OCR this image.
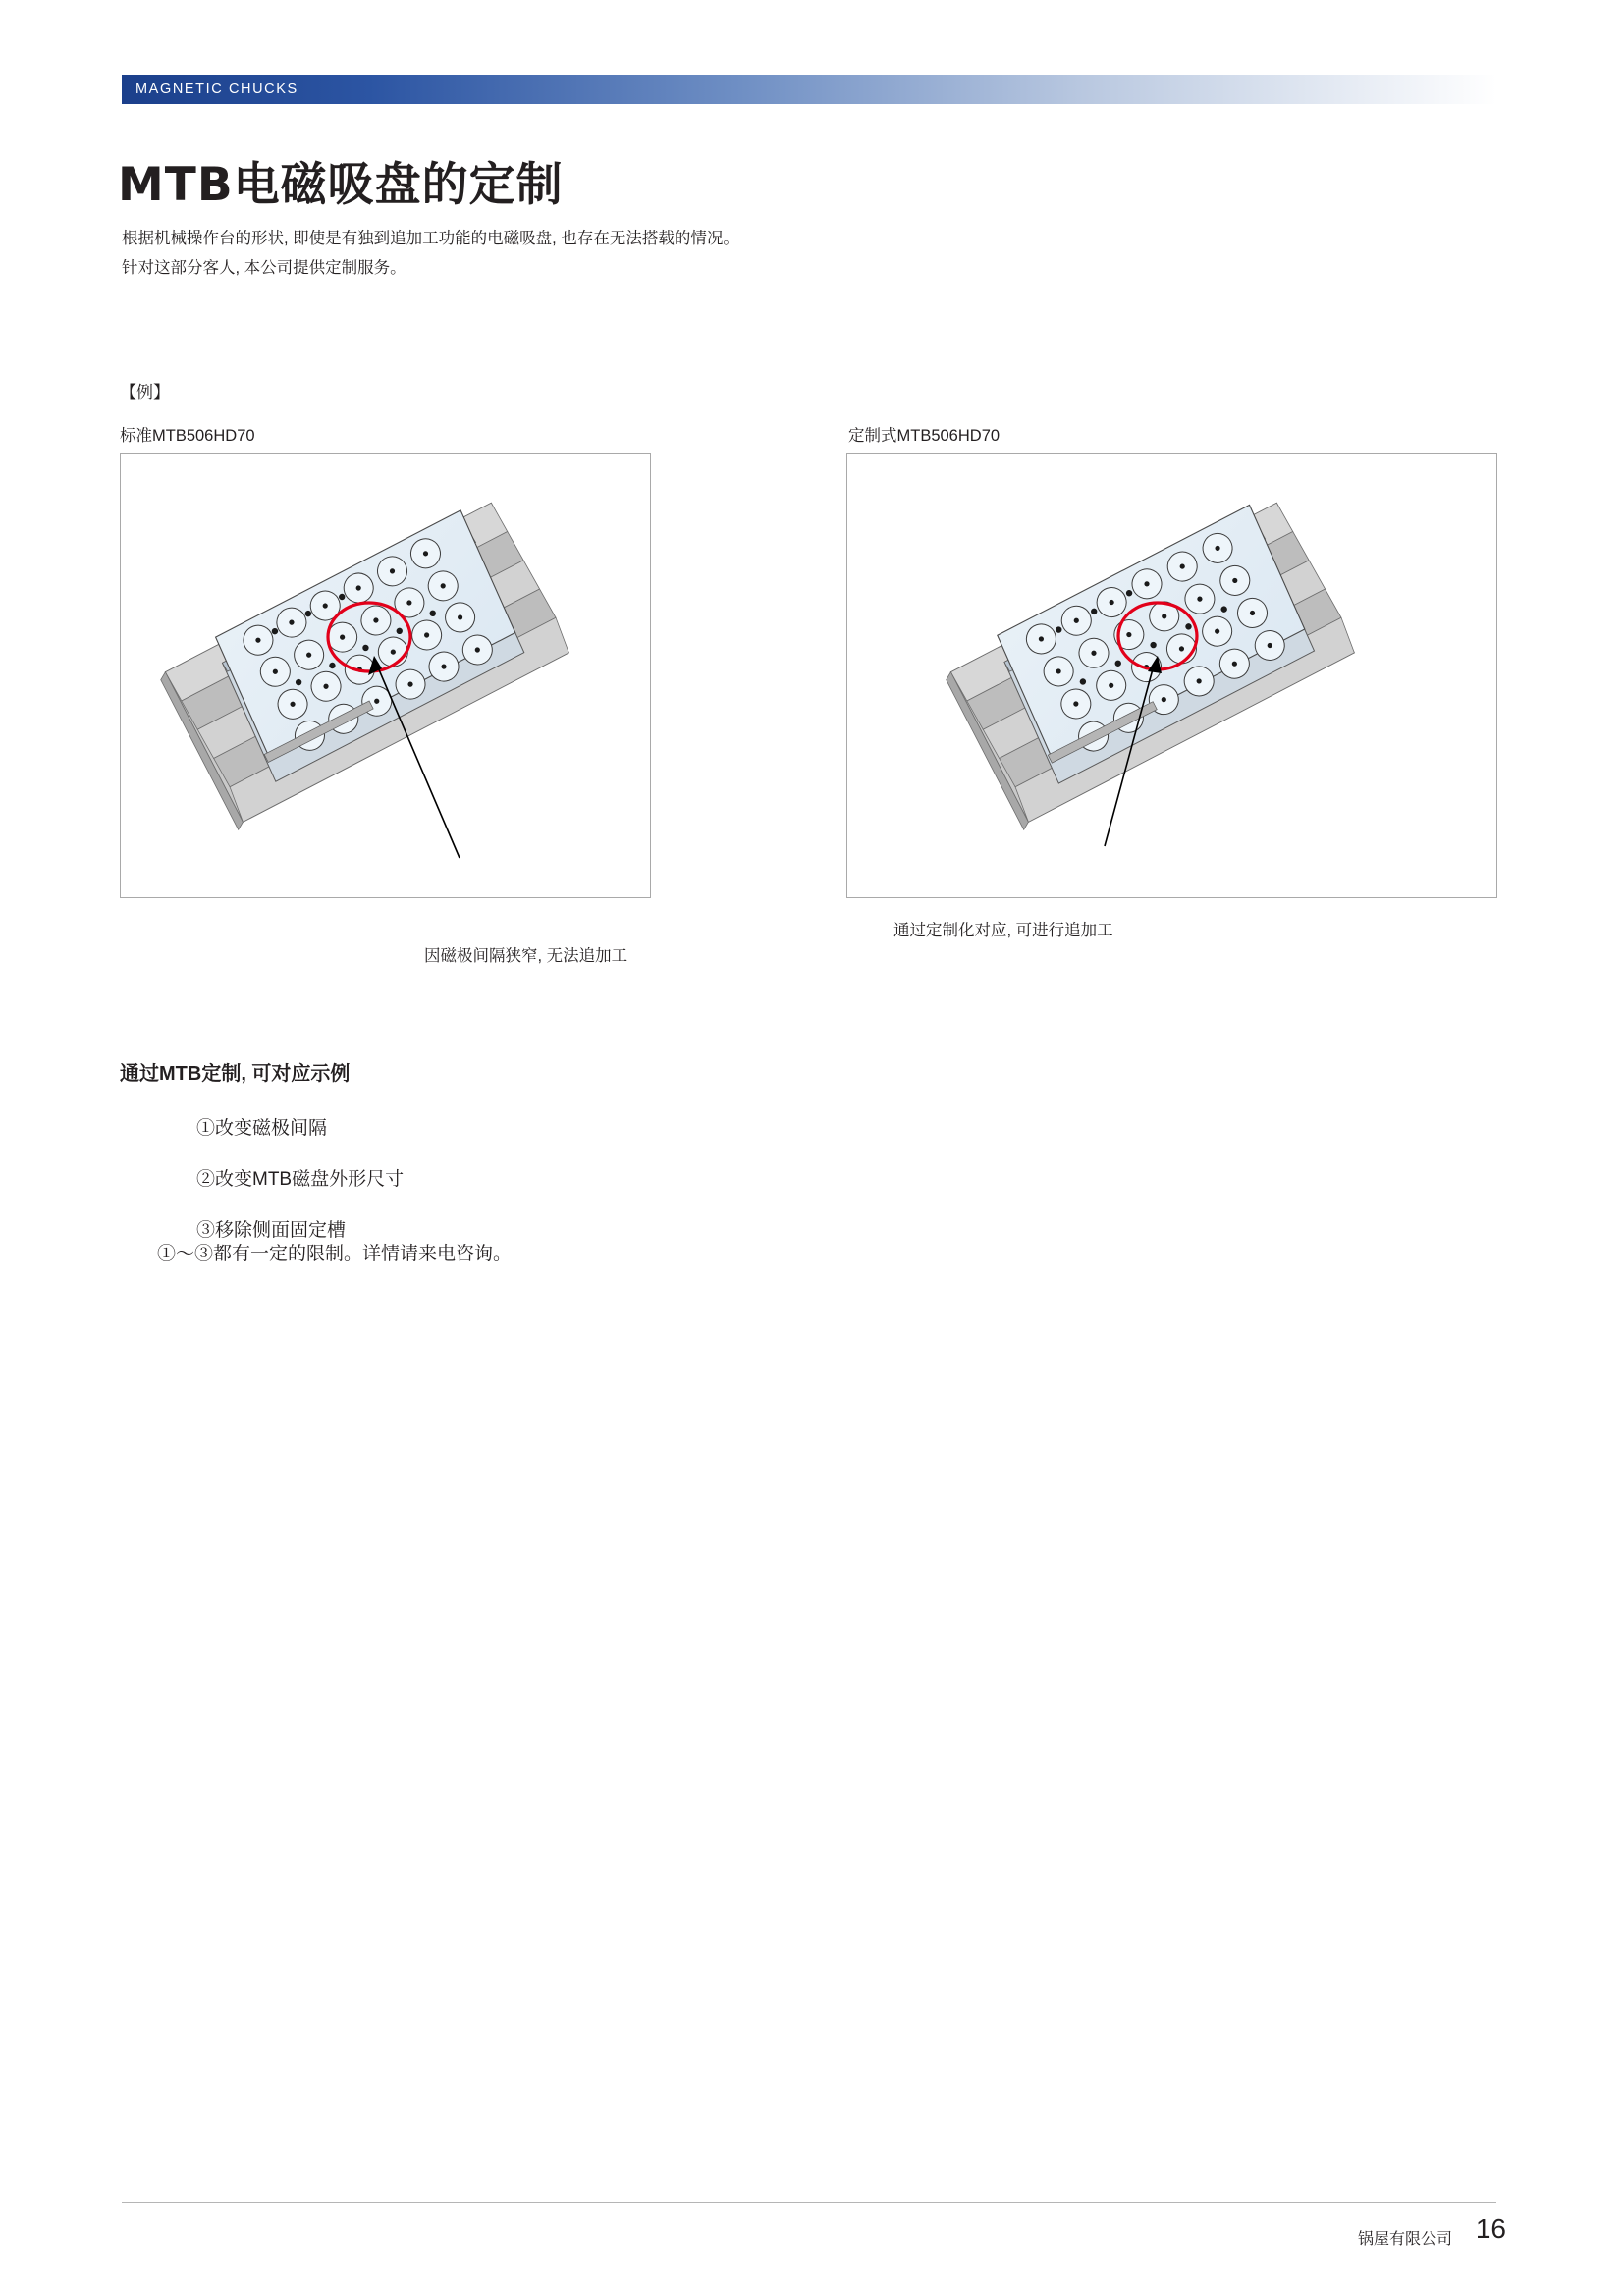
MAGNETIC CHUCKS
MTB电磁吸盘的定制
根据机械操作台的形状, 即使是有独到追加工功能的电磁吸盘, 也存在无法搭载的情况。
针对这部分客人, 本公司提供定制服务。
【例】
标准MTB506HD70	定制式MTB506HD70
因磁极间隔狭窄, 无法追加工
通过定制化对应, 可进行追加工
通过MTB定制, 可对应示例
①改变磁极间隔
②改变MTB磁盘外形尺寸
③移除侧面固定槽
①～③都有一定的限制。详情请来电咨询。
锅屋有限公司 16
